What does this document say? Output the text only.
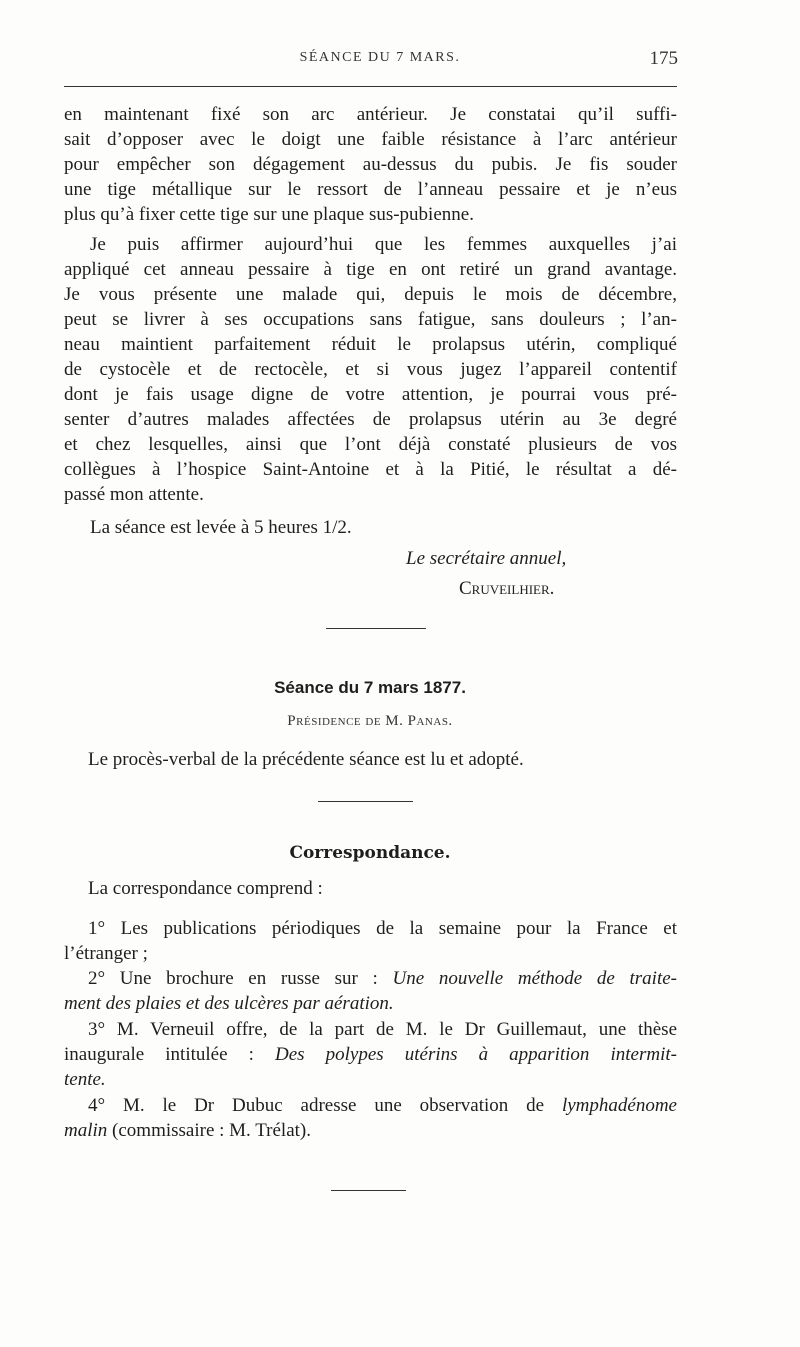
SÉANCE DU 7 MARS.	175
en maintenant fixé son arc antérieur. Je constatai qu’il suffi-
sait d’opposer avec le doigt une faible résistance à l’arc antérieur
pour empêcher son dégagement au-dessus du pubis. Je fis souder
une tige métallique sur le ressort de l’anneau pessaire et je n’eus
plus qu’à fixer cette tige sur une plaque sus-pubienne.
Je puis affirmer aujourd’hui que les femmes auxquelles j’ai
appliqué cet anneau pessaire à tige en ont retiré un grand avantage.
Je vous présente une malade qui, depuis le mois de décembre,
peut se livrer à ses occupations sans fatigue, sans douleurs ; l’an-
neau maintient parfaitement réduit le prolapsus utérin, compliqué
de cystocèle et de rectocèle, et si vous jugez l’appareil contentif
dont je fais usage digne de votre attention, je pourrai vous pré-
senter d’autres malades affectées de prolapsus utérin au 3e degré
et chez lesquelles, ainsi que l’ont déjà constaté plusieurs de vos
collègues à l’hospice Saint-Antoine et à la Pitié, le résultat a dé-
passé mon attente.
La séance est levée à 5 heures 1/2.
Le secrétaire annuel,
Cruveilhier.
Séance du 7 mars 1877.
Présidence de M. Panas.
Le procès-verbal de la précédente séance est lu et adopté.
Correspondance.
La correspondance comprend :
1° Les publications périodiques de la semaine pour la France et
l’étranger ;
2° Une brochure en russe sur : Une nouvelle méthode de traite-
ment des plaies et des ulcères par aération.
3° M. Verneuil offre, de la part de M. le Dr Guillemaut, une thèse
inaugurale intitulée : Des polypes utérins à apparition intermit-
tente.
4° M. le Dr Dubuc adresse une observation de lymphadénome
malin (commissaire : M. Trélat).
